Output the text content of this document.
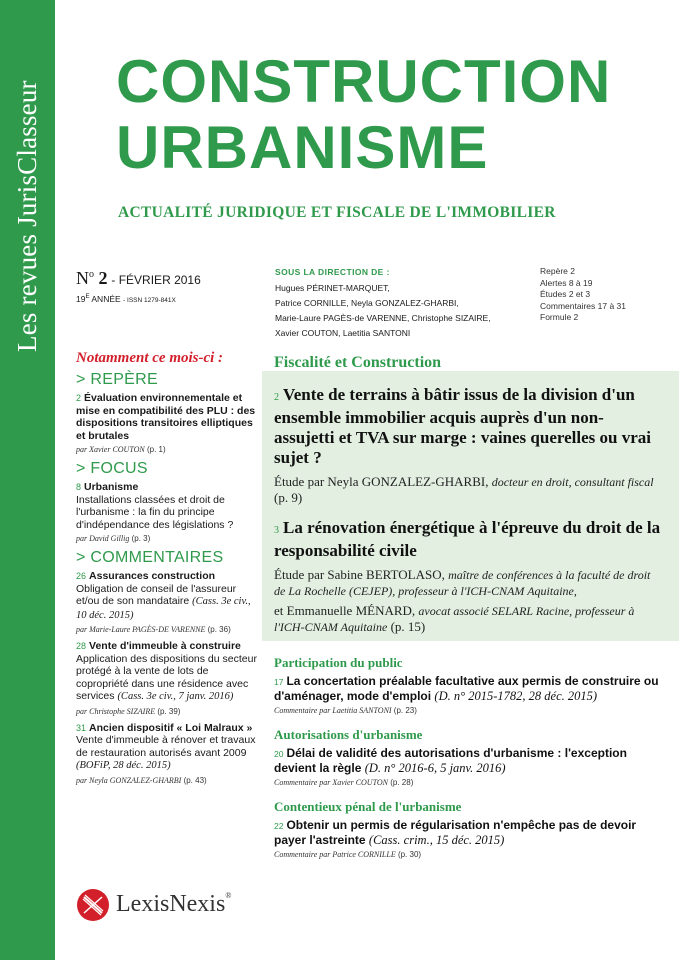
Les revues JurisClasseur CONSTRUCTION
URBANISME
ACTUALITÉ JURIDIQUE ET FISCALE DE L'IMMOBILIER
$N^o$ 2 - FÉVRIER 2016
$19^E$ ANNÉE - ISSN 1279-841X
SOUS LA DIRECTION DE :
Hugues PÉRINET-MARQUET,
Patrice CORNILLE, Neyla GONZALEZ-GHARBI,
Marie-Laure PAGÈS-de VARENNE, Christophe SIZAIRE,
Xavier COUTON, Laetitia SANTONI
Repère 2
Alertes 8 à 19
Études 2 et 3
Commentaires 17 à 31
Formule 2
Notamment ce mois-ci :
> REPÈRE
2 Évaluation environnementale et mise en compatibilité des PLU : des dispositions transitoires elliptiques et brutales
par Xavier COUTON (p. 1)
> FOCUS
8 Urbanisme
Installations classées et droit de l'urbanisme : la fin du principe d'indépendance des législations ?
par David Gillig (p. 3)
> COMMENTAIRES
26 Assurances construction
Obligation de conseil de l'assureur et/ou de son mandataire (Cass. 3e civ., 10 déc. 2015)
par Marie-Laure PAGÈS-DE VARENNE (p. 36)
28 Vente d'immeuble à construire
Application des dispositions du secteur protégé à la vente de lots de copropriété dans une résidence avec services (Cass. 3e civ., 7 janv. 2016)
par Christophe SIZAIRE (p. 39)
31 Ancien dispositif « Loi Malraux »
Vente d'immeuble à rénover et travaux de restauration autorisés avant 2009 (BOFiP, 28 déc. 2015)
par Neyla GONZALEZ-GHARBI (p. 43)
Fiscalité et Construction
2 Vente de terrains à bâtir issus de la division d'un ensemble immobilier acquis auprès d'un non-assujetti et TVA sur marge : vaines querelles ou vrai sujet ?
Étude par Neyla GONZALEZ-GHARBI, docteur en droit, consultant fiscal (p. 9)
3 La rénovation énergétique à l'épreuve du droit de la responsabilité civile
Étude par Sabine BERTOLASO, maître de conférences à la faculté de droit de La Rochelle (CEJEP), professeur à l'ICH-CNAM Aquitaine,
et Emmanuelle MÉNARD, avocat associé SELARL Racine, professeur à l'ICH-CNAM Aquitaine (p. 15)
Participation du public
17 La concertation préalable facultative aux permis de construire ou d'aménager, mode d'emploi (D. n° 2015-1782, 28 déc. 2015)
Commentaire par Laetitia SANTONI (p. 23)
Autorisations d'urbanisme
20 Délai de validité des autorisations d'urbanisme : l'exception devient la règle (D. n° 2016-6, 5 janv. 2016)
Commentaire par Xavier COUTON (p. 28)
Contentieux pénal de l'urbanisme
22 Obtenir un permis de régularisation n'empêche pas de devoir payer l'astreinte (Cass. crim., 15 déc. 2015)
Commentaire par Patrice CORNILLE (p. 30)
LexisNexis®
